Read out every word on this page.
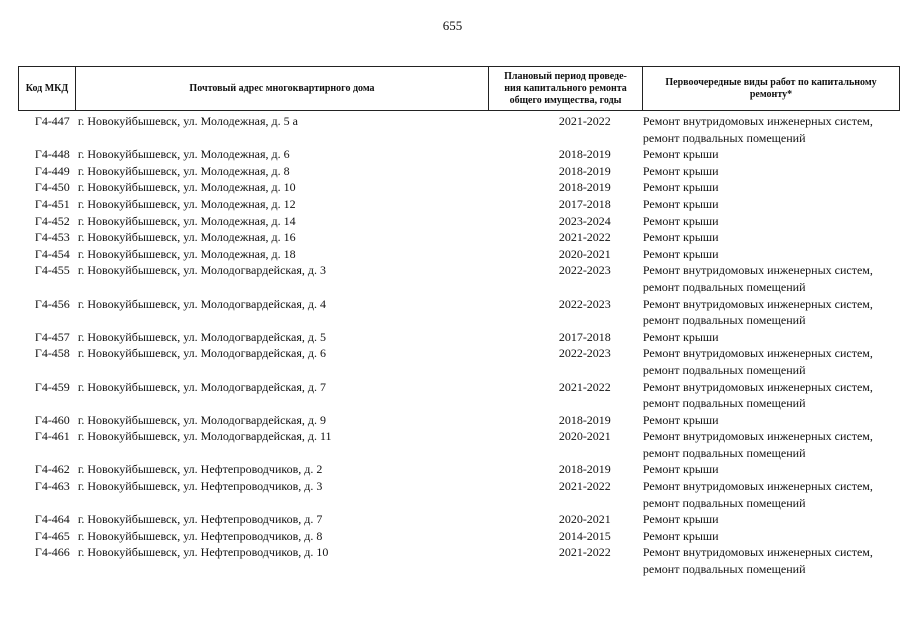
655
Код МКД	Почтовый адрес многоквартирного дома
Плановый период проведе-
ния капитального ремонта
общего имущества, годы
Первоочередные виды работ по капитальному
ремонту*
Г4-447 г. Новокуйбышевск, ул. Молодежная, д. 5 а	2021-2022	Ремонт внутридомовых инженерных систем,
ремонт подвальных помещений
Г4-448 г. Новокуйбышевск, ул. Молодежная, д. 6	2018-2019	Ремонт крыши
Г4-449 г. Новокуйбышевск, ул. Молодежная, д. 8	2018-2019	Ремонт крыши
Г4-450 г. Новокуйбышевск, ул. Молодежная, д. 10	2018-2019	Ремонт крыши
Г4-451 г. Новокуйбышевск, ул. Молодежная, д. 12	2017-2018	Ремонт крыши
Г4-452 г. Новокуйбышевск, ул. Молодежная, д. 14	2023-2024	Ремонт крыши
Г4-453 г. Новокуйбышевск, ул. Молодежная, д. 16	2021-2022	Ремонт крыши
Г4-454 г. Новокуйбышевск, ул. Молодежная, д. 18	2020-2021	Ремонт крыши
Г4-455 г. Новокуйбышевск, ул. Молодогвардейская, д. 3	2022-2023	Ремонт внутридомовых инженерных систем,
ремонт подвальных помещений
Г4-456 г. Новокуйбышевск, ул. Молодогвардейская, д. 4	2022-2023	Ремонт внутридомовых инженерных систем,
ремонт подвальных помещений
Г4-457 г. Новокуйбышевск, ул. Молодогвардейская, д. 5	2017-2018	Ремонт крыши
Г4-458 г. Новокуйбышевск, ул. Молодогвардейская, д. 6	2022-2023	Ремонт внутридомовых инженерных систем,
ремонт подвальных помещений
Г4-459 г. Новокуйбышевск, ул. Молодогвардейская, д. 7	2021-2022	Ремонт внутридомовых инженерных систем,
ремонт подвальных помещений
Г4-460 г. Новокуйбышевск, ул. Молодогвардейская, д. 9	2018-2019	Ремонт крыши
Г4-461 г. Новокуйбышевск, ул. Молодогвардейская, д. 11	2020-2021	Ремонт внутридомовых инженерных систем,
ремонт подвальных помещений
Г4-462 г. Новокуйбышевск, ул. Нефтепроводчиков, д. 2	2018-2019	Ремонт крыши
Г4-463 г. Новокуйбышевск, ул. Нефтепроводчиков, д. 3	2021-2022	Ремонт внутридомовых инженерных систем,
ремонт подвальных помещений
Г4-464 г. Новокуйбышевск, ул. Нефтепроводчиков, д. 7	2020-2021	Ремонт крыши
Г4-465 г. Новокуйбышевск, ул. Нефтепроводчиков, д. 8	2014-2015	Ремонт крыши
Г4-466 г. Новокуйбышевск, ул. Нефтепроводчиков, д. 10	2021-2022	Ремонт внутридомовых инженерных систем,
ремонт подвальных помещений
